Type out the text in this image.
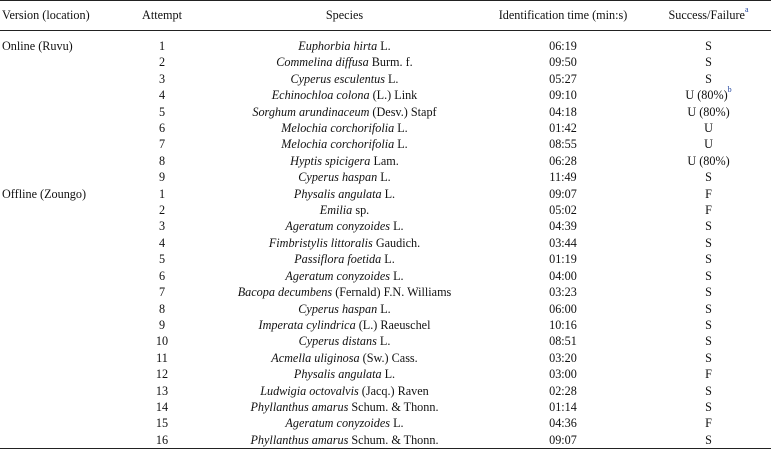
Version (location)	Attempt	Species	Identification time (min:s)	Success/Failure$^a$
Online (Ruvu)	1	Euphorbia hirta L.	06:19	S
	2	Commelina diffusa Burm. f.	09:50	S
	3	Cyperus esculentus L.	05:27	S
	4	Echinochloa colona (L.) Link	09:10	U $(80\%)^b$
	5	Sorghum arundinaceum (Desv.) Stapf	04:18	U (80%)
	6	Melochia corchorifolia L.	01:42	U
	7	Melochia corchorifolia L.	08:55	U
	8	Hyptis spicigera Lam.	06:28	U (80%)
	9	Cyperus haspan L.	11:49	S
Offline (Zoungo)	1	Physalis angulata L.	09:07	F
	2	Emilia sp.	05:02	F
	3	Ageratum conyzoides L.	04:39	S
	4	Fimbristylis littoralis Gaudich.	03:44	S
	5	Passiflora foetida L.	01:19	S
	6	Ageratum conyzoides L.	04:00	S
	7	Bacopa decumbens (Fernald) F.N. Williams	03:23	S
	8	Cyperus haspan L.	06:00	S
	9	Imperata cylindrica (L.) Raeuschel	10:16	S
	10	Cyperus distans L.	08:51	S
	11	Acmella uliginosa (Sw.) Cass.	03:20	S
	12	Physalis angulata L.	03:00	F
	13	Ludwigia octovalvis (Jacq.) Raven	02:28	S
	14	Phyllanthus amarus Schum. & Thonn.	01:14	S
	15	Ageratum conyzoides L.	04:36	F
	16	Phyllanthus amarus Schum. & Thonn.	09:07	S
